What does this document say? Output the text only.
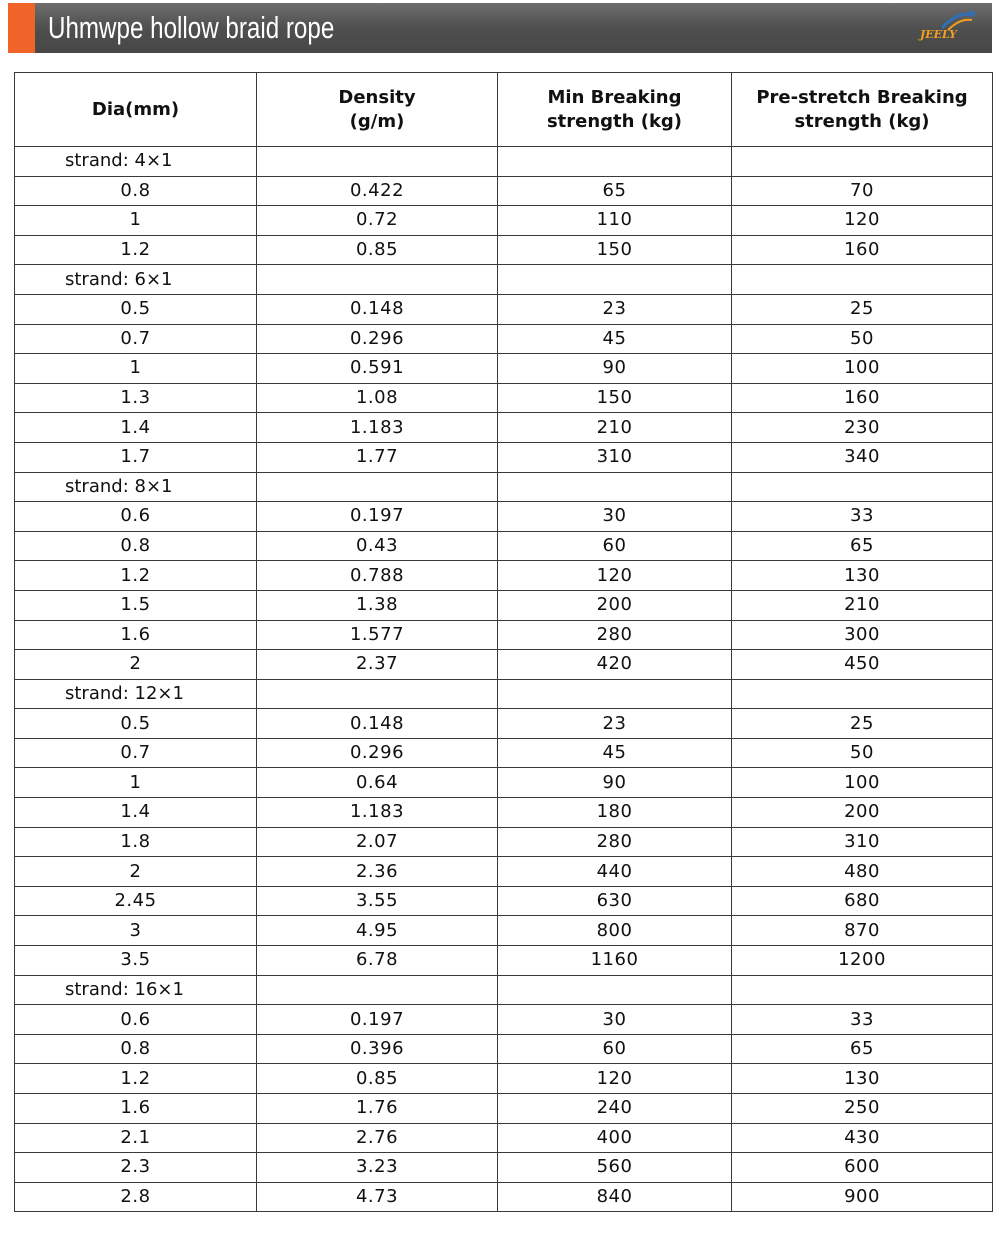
Uhmwpe hollow braid rope	JEELY
Dia(mm)	Density (g/m)	Min Breaking strength (kg)	Pre-stretch Breaking strength (kg)
strand: 4×1			
0.8	0.422	65	70
1	0.72	110	120
1.2	0.85	150	160
strand: 6×1			
0.5	0.148	23	25
0.7	0.296	45	50
1	0.591	90	100
1.3	1.08	150	160
1.4	1.183	210	230
1.7	1.77	310	340
strand: 8×1			
0.6	0.197	30	33
0.8	0.43	60	65
1.2	0.788	120	130
1.5	1.38	200	210
1.6	1.577	280	300
2	2.37	420	450
strand: 12×1			
0.5	0.148	23	25
0.7	0.296	45	50
1	0.64	90	100
1.4	1.183	180	200
1.8	2.07	280	310
2	2.36	440	480
2.45	3.55	630	680
3	4.95	800	870
3.5	6.78	1160	1200
strand: 16×1			
0.6	0.197	30	33
0.8	0.396	60	65
1.2	0.85	120	130
1.6	1.76	240	250
2.1	2.76	400	430
2.3	3.23	560	600
2.8	4.73	840	900
